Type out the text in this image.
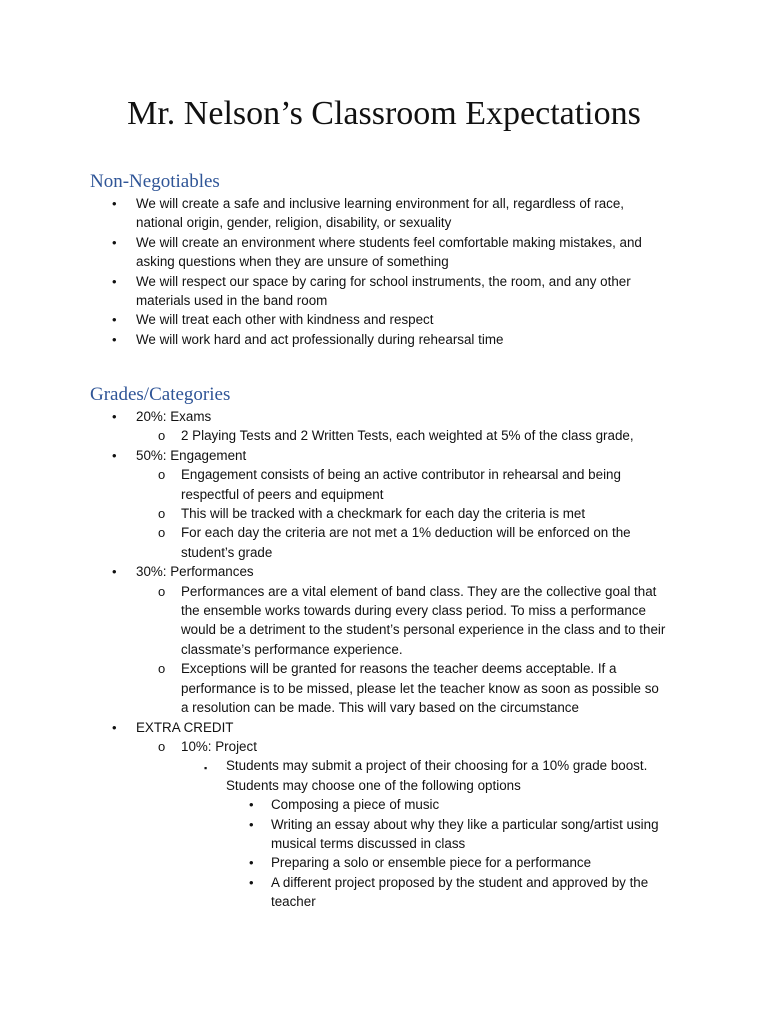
Mr. Nelson’s Classroom Expectations
Non-Negotiables
• We will create a safe and inclusive learning environment for all, regardless of race, national origin, gender, religion, disability, or sexuality
• We will create an environment where students feel comfortable making mistakes, and asking questions when they are unsure of something
• We will respect our space by caring for school instruments, the room, and any other materials used in the band room
• We will treat each other with kindness and respect
• We will work hard and act professionally during rehearsal time
Grades/Categories
• 20%: Exams
o 2 Playing Tests and 2 Written Tests, each weighted at 5% of the class grade,
• 50%: Engagement
o Engagement consists of being an active contributor in rehearsal and being respectful of peers and equipment
o This will be tracked with a checkmark for each day the criteria is met
o For each day the criteria are not met a 1% deduction will be enforced on the student’s grade
• 30%: Performances
o Performances are a vital element of band class. They are the collective goal that the ensemble works towards during every class period. To miss a performance would be a detriment to the student’s personal experience in the class and to their classmate’s performance experience.
o Exceptions will be granted for reasons the teacher deems acceptable. If a performance is to be missed, please let the teacher know as soon as possible so a resolution can be made. This will vary based on the circumstance
• EXTRA CREDIT
o 10%: Project
▪ Students may submit a project of their choosing for a 10% grade boost. Students may choose one of the following options
• Composing a piece of music
• Writing an essay about why they like a particular song/artist using musical terms discussed in class
• Preparing a solo or ensemble piece for a performance
• A different project proposed by the student and approved by the teacher
